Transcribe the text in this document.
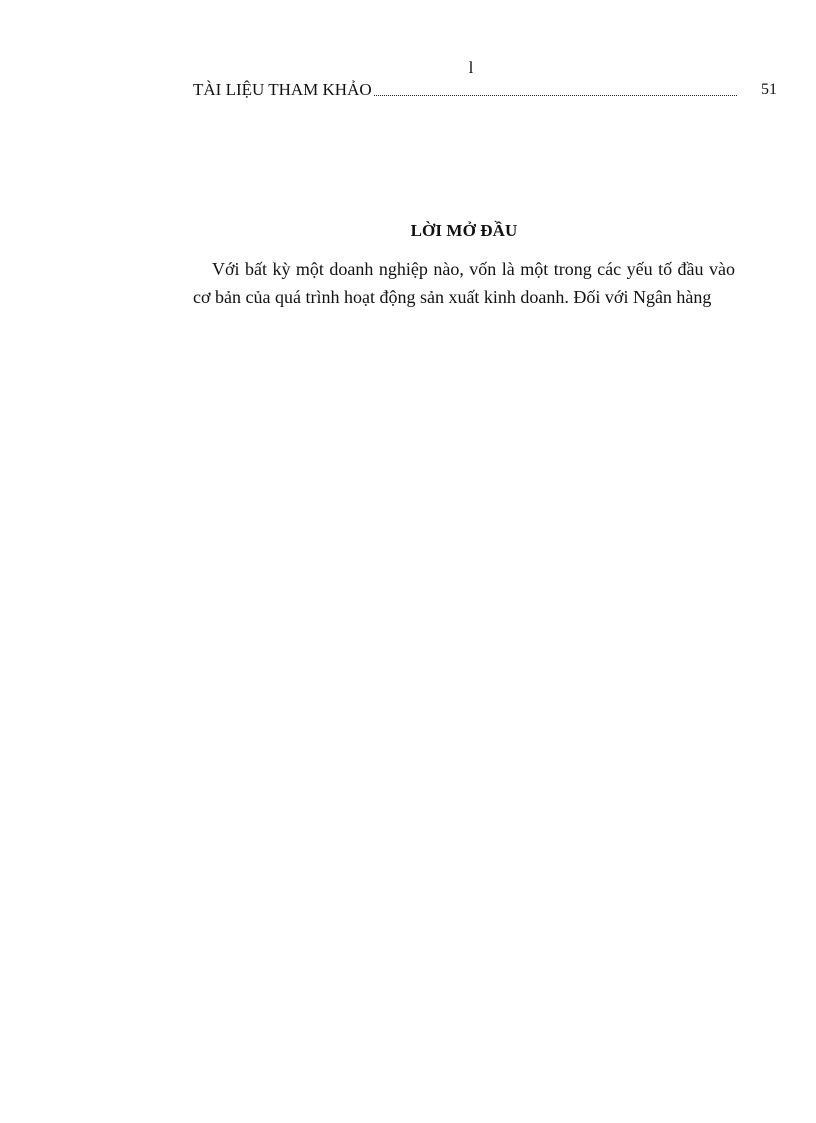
l
TÀI LIỆU THAM KHẢO	51
LỜI MỞ ĐẦU

Với bất kỳ một doanh nghiệp nào, vốn là một trong các yếu tố đầu vào cơ bản của quá trình hoạt động sản xuất kinh doanh. Đối với Ngân hàng
